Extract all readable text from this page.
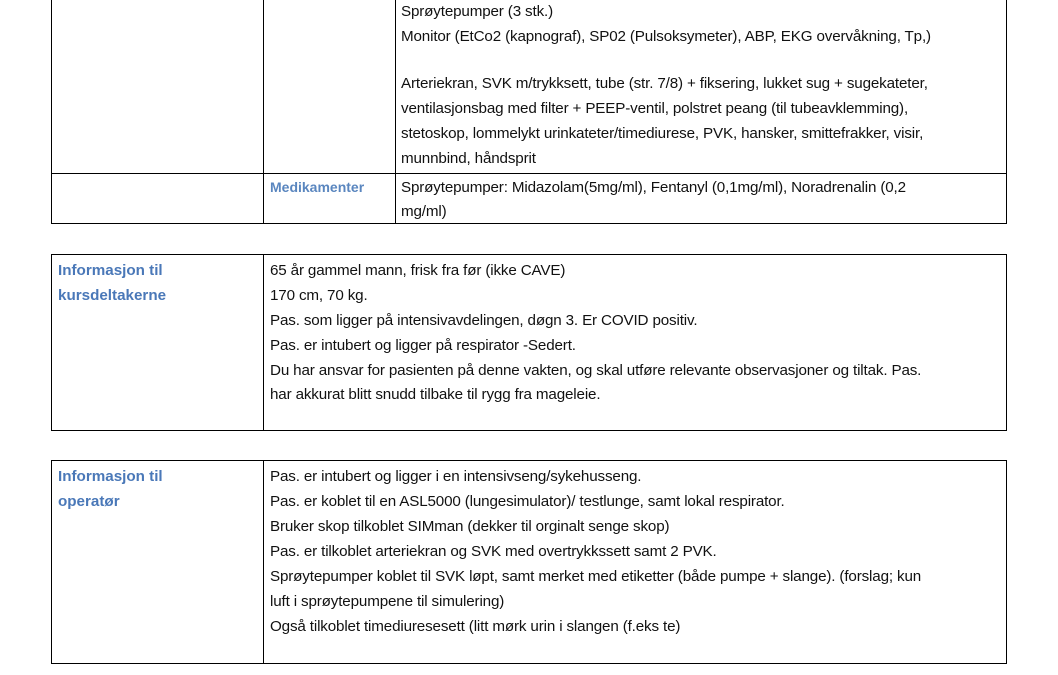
Sprøytepumper (3 stk.)
Monitor (EtCo2 (kapnograf), SP02 (Pulsoksymeter), ABP, EKG overvåkning, Tp,)
Arteriekran, SVK m/trykksett, tube (str. 7/8) + fiksering, lukket sug + sugekateter,
ventilasjonsbag med filter + PEEP-ventil, polstret peang (til tubeavklemming),
stetoskop, lommelykt urinkateter/timediurese, PVK, hansker, smittefrakker, visir,
munnbind, håndsprit
Medikamenter Sprøytepumper: Midazolam(5mg/ml), Fentanyl (0,1mg/ml), Noradrenalin (0,2
mg/ml)
Informasjon til
kursdeltakerne
65 år gammel mann, frisk fra før (ikke CAVE)
170 cm, 70 kg.
Pas. som ligger på intensivavdelingen, døgn 3. Er COVID positiv.
Pas. er intubert og ligger på respirator -Sedert.
Du har ansvar for pasienten på denne vakten, og skal utføre relevante observasjoner og tiltak. Pas.
har akkurat blitt snudd tilbake til rygg fra mageleie.
Informasjon til
operatør
Pas. er intubert og ligger i en intensivseng/sykehusseng.
Pas. er koblet til en ASL5000 (lungesimulator)/ testlunge, samt lokal respirator.
Bruker skop tilkoblet SIMman (dekker til orginalt senge skop)
Pas. er tilkoblet arteriekran og SVK med overtrykkssett samt 2 PVK.
Sprøytepumper koblet til SVK løpt, samt merket med etiketter (både pumpe + slange). (forslag; kun
luft i sprøytepumpene til simulering)
Også tilkoblet timediuresesett (litt mørk urin i slangen (f.eks te)
